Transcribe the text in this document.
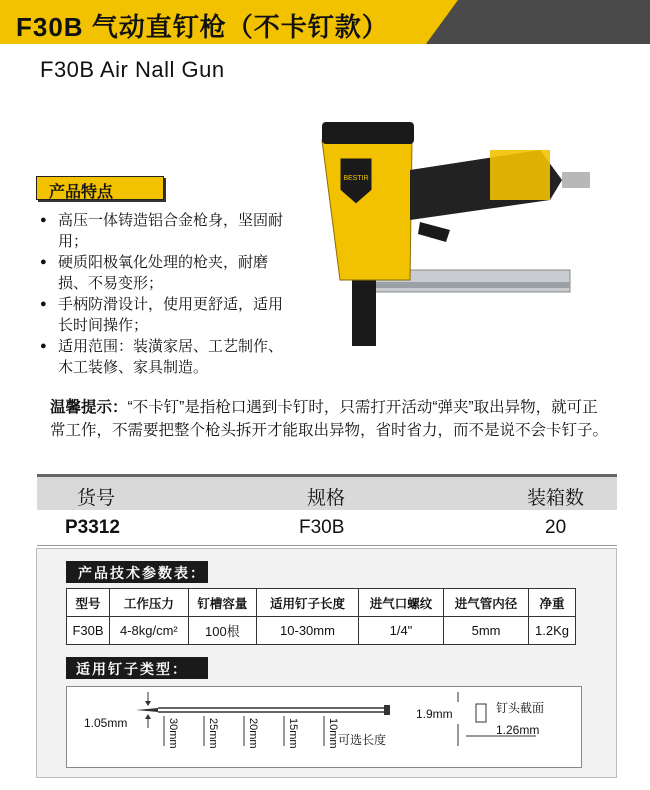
F30B 气动直钉枪（不卡钉款）
F30B Air Nall Gun
BESTIR
产品特点
● 高压一体铸造铝合金枪身，坚固耐用；
● 硬质阳极氧化处理的枪夹，耐磨损、不易变形；
● 手柄防滑设计，使用更舒适，适用长时间操作；
● 适用范围：装潢家居、工艺制作、木工装修、家具制造。
温馨提示：“不卡钉”是指枪口遇到卡钉时，只需打开活动“弹夹”取出异物，就可正常工作，不需要把整个枪头拆开才能取出异物，省时省力，而不是说不会卡钉子。
货号	规格	装箱数
P3312	F30B	20
产品技术参数表：
型号	工作压力	钉槽容量	适用钉子长度	进气口螺纹	进气管内径	净重
F30B	4-8kg/cm²	100根	10-30mm	1/4"	5mm	1.2Kg
适用钉子类型：
1.05mm	30mm	25mm	20mm	15mm	10mm 可选长度
1.9mm	钉头截面
1.26mm
